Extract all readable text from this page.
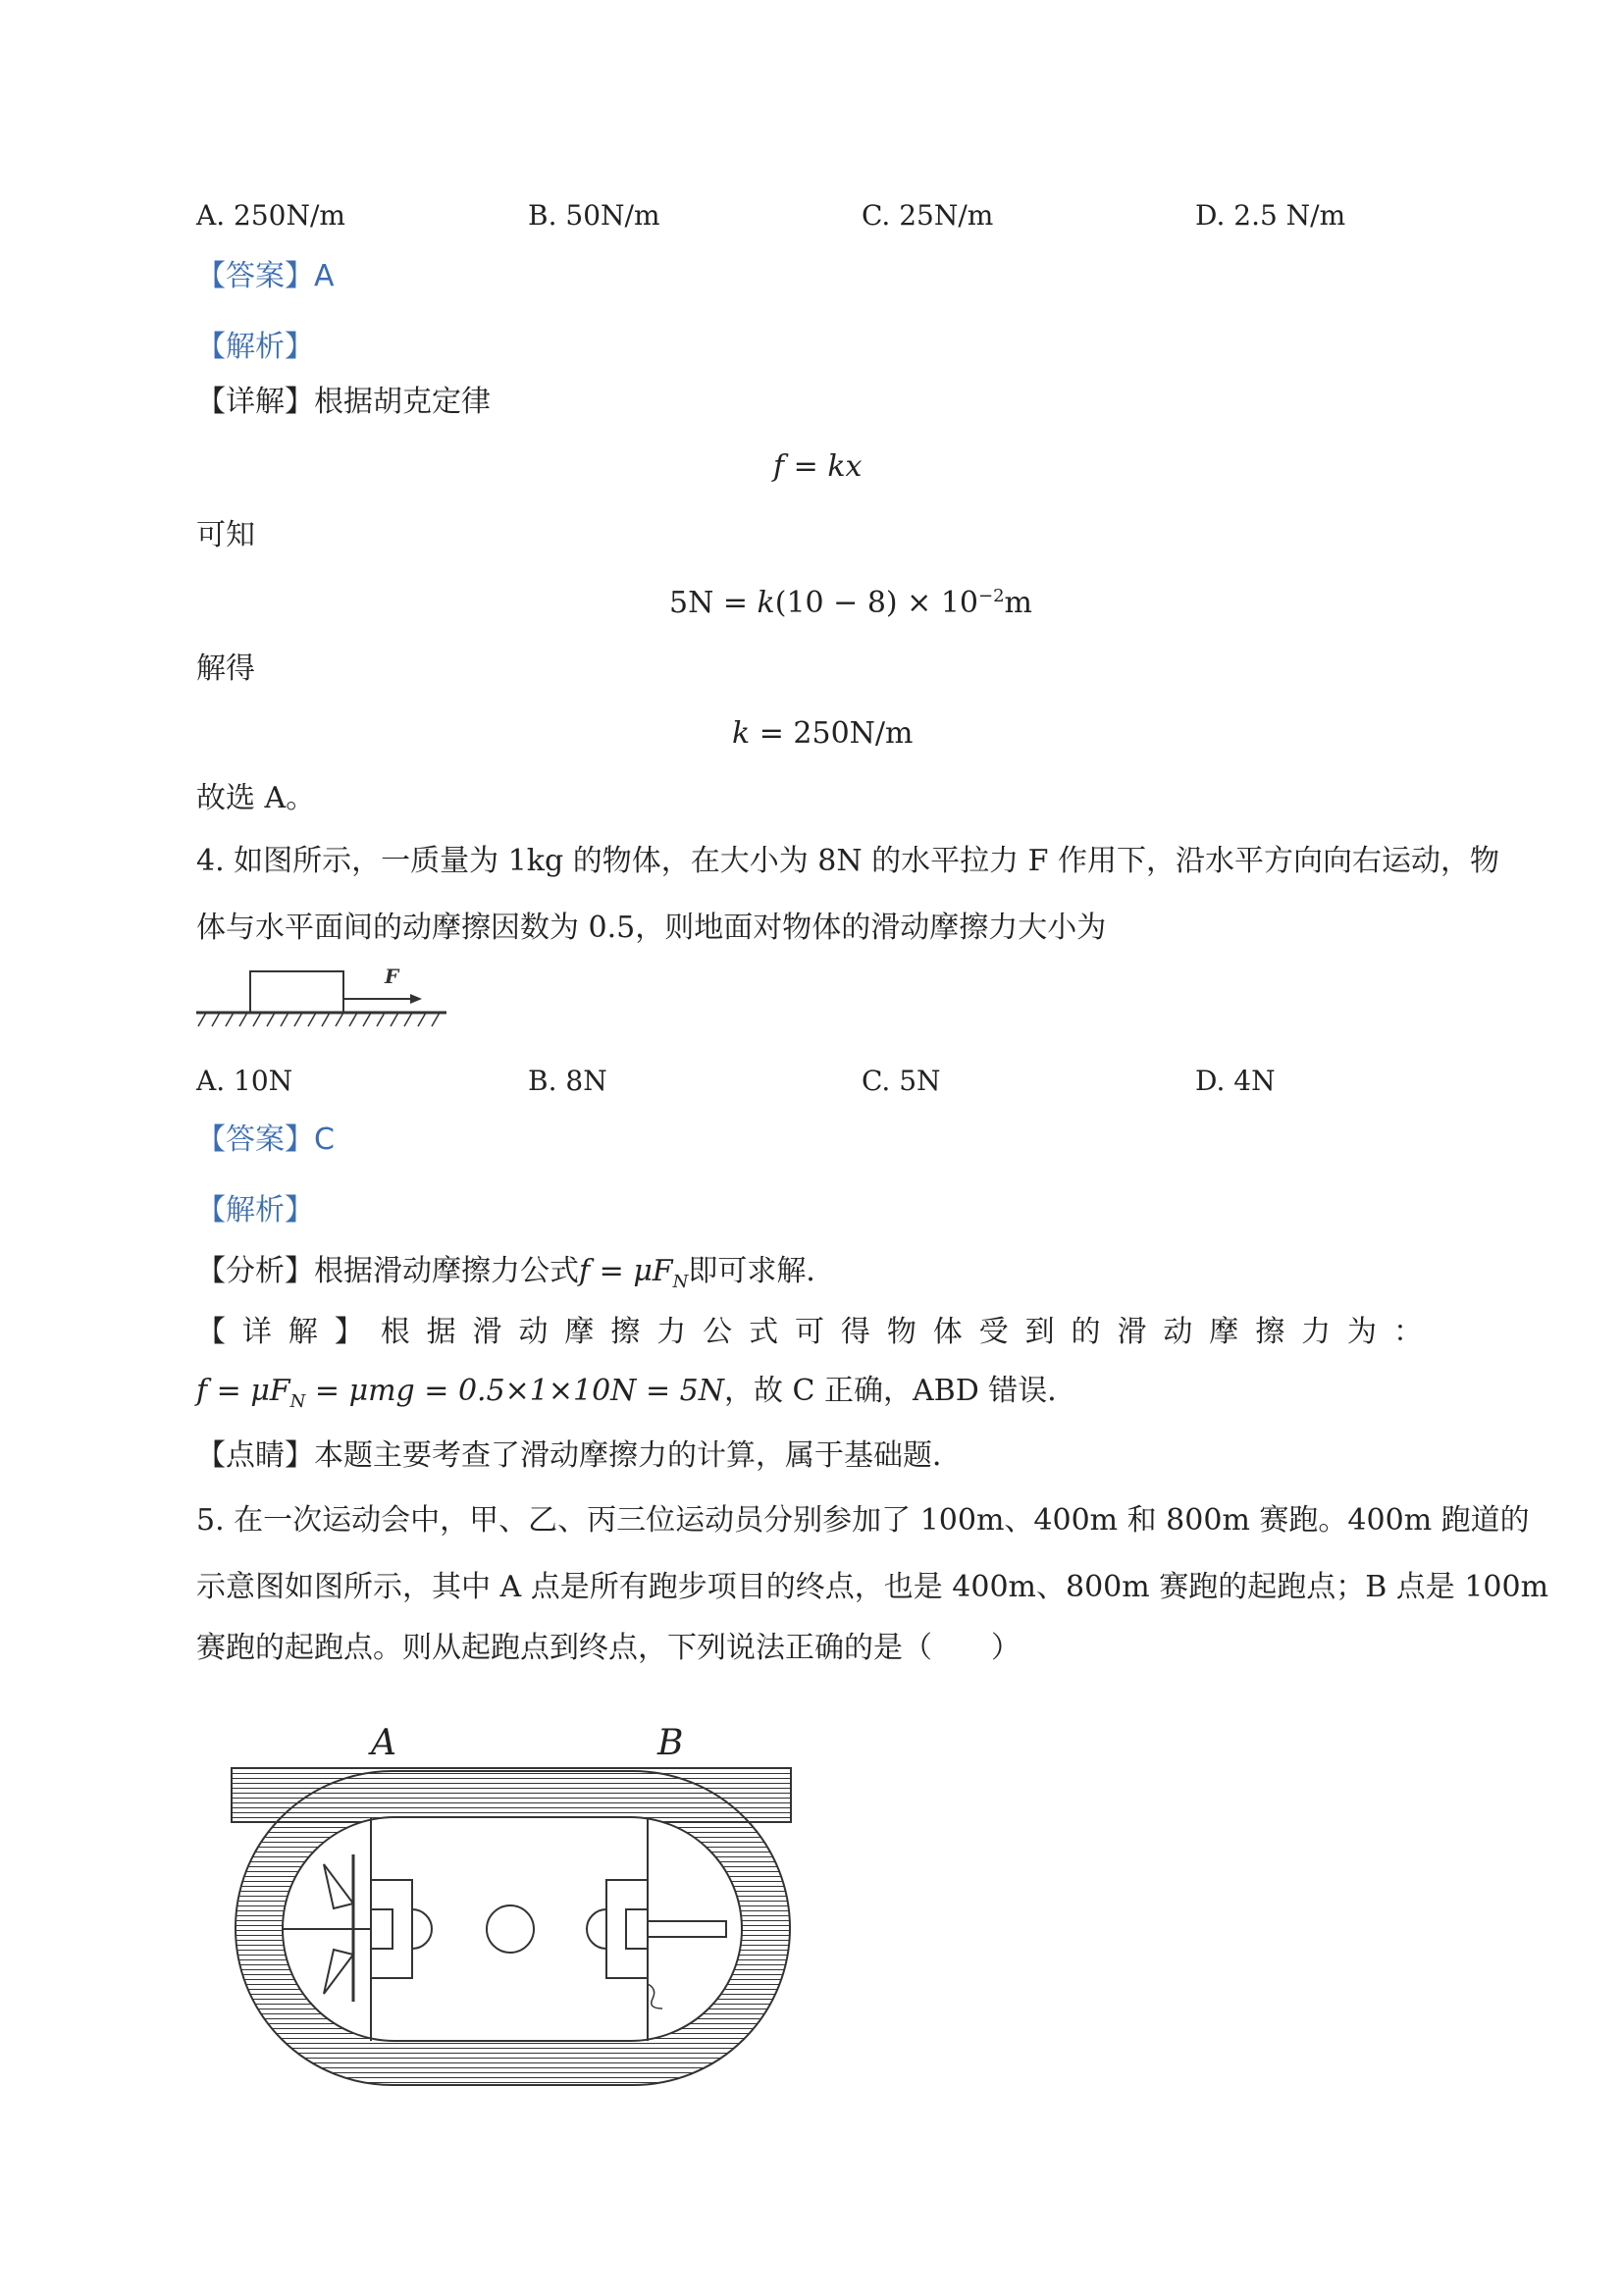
A. 250N/m	B. 50N/m	C. 25N/m	D. 2.5 N/m
【答案】A
【解析】
【详解】根据胡克定律
f = kx
可知
$5N = k(10 - 8) \times 10^{-2}m$
解得
k = 250N/m
故选 A。
4. 如图所示，一质量为 1kg 的物体，在大小为 8N 的水平拉力 F 作用下，沿水平方向向右运动，物
体与水平面间的动摩擦因数为 0.5，则地面对物体的滑动摩擦力大小为
F
A. 10N	B. 8N	C. 5N	D. 4N
【答案】C
【解析】
【分析】根据滑动摩擦力公式$f = \mu F_N$即可求解．
【 详 解 】 根 据 滑 动 摩 擦 力 公 式 可 得 物 体 受 到 的 滑 动 摩 擦 力 为 ：
$f = \mu F_N = \mu mg = 0.5\times 1\times 10N = 5N$，故 C 正确，ABD 错误．
【点睛】本题主要考查了滑动摩擦力的计算，属于基础题．
5. 在一次运动会中，甲、乙、丙三位运动员分别参加了 100m、400m 和 800m 赛跑。400m 跑道的
示意图如图所示，其中 A 点是所有跑步项目的终点，也是 400m、800m 赛跑的起跑点；B 点是 100m
赛跑的起跑点。则从起跑点到终点，下列说法正确的是（　　）
A	B
